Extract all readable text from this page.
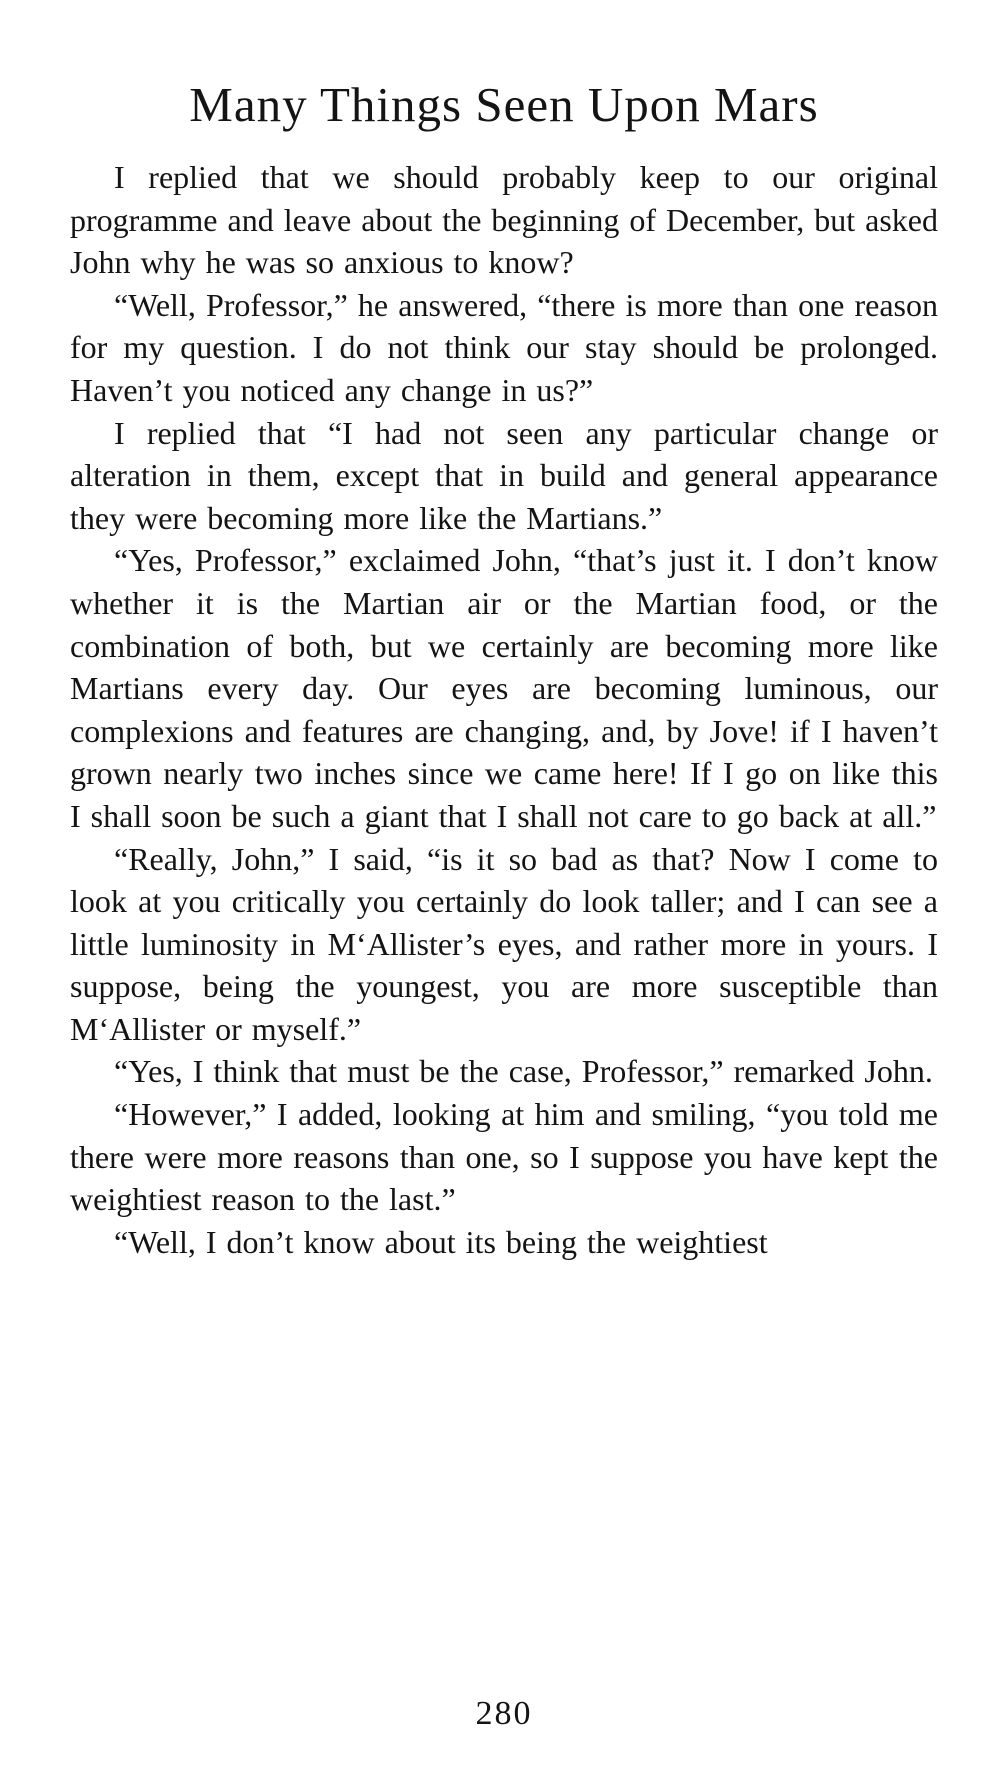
Many Things Seen Upon Mars

I replied that we should probably keep to our original programme and leave about the beginning of December, but asked John why he was so anxious to know?

“Well, Professor,” he answered, “there is more than one reason for my question. I do not think our stay should be prolonged. Haven’t you noticed any change in us?”

I replied that “I had not seen any particular change or alteration in them, except that in build and general appearance they were becoming more like the Martians.”

“Yes, Professor,” exclaimed John, “that’s just it. I don’t know whether it is the Martian air or the Martian food, or the combination of both, but we certainly are becoming more like Martians every day. Our eyes are becoming luminous, our complexions and features are changing, and, by Jove! if I haven’t grown nearly two inches since we came here! If I go on like this I shall soon be such a giant that I shall not care to go back at all.”

“Really, John,” I said, “is it so bad as that? Now I come to look at you critically you certainly do look taller; and I can see a little luminosity in M‘Allister’s eyes, and rather more in yours. I suppose, being the youngest, you are more susceptible than M‘Allister or myself.”

“Yes, I think that must be the case, Professor,” remarked John.

“However,” I added, looking at him and smiling, “you told me there were more reasons than one, so I suppose you have kept the weightiest reason to the last.”

“Well, I don’t know about its being the weightiest

280
